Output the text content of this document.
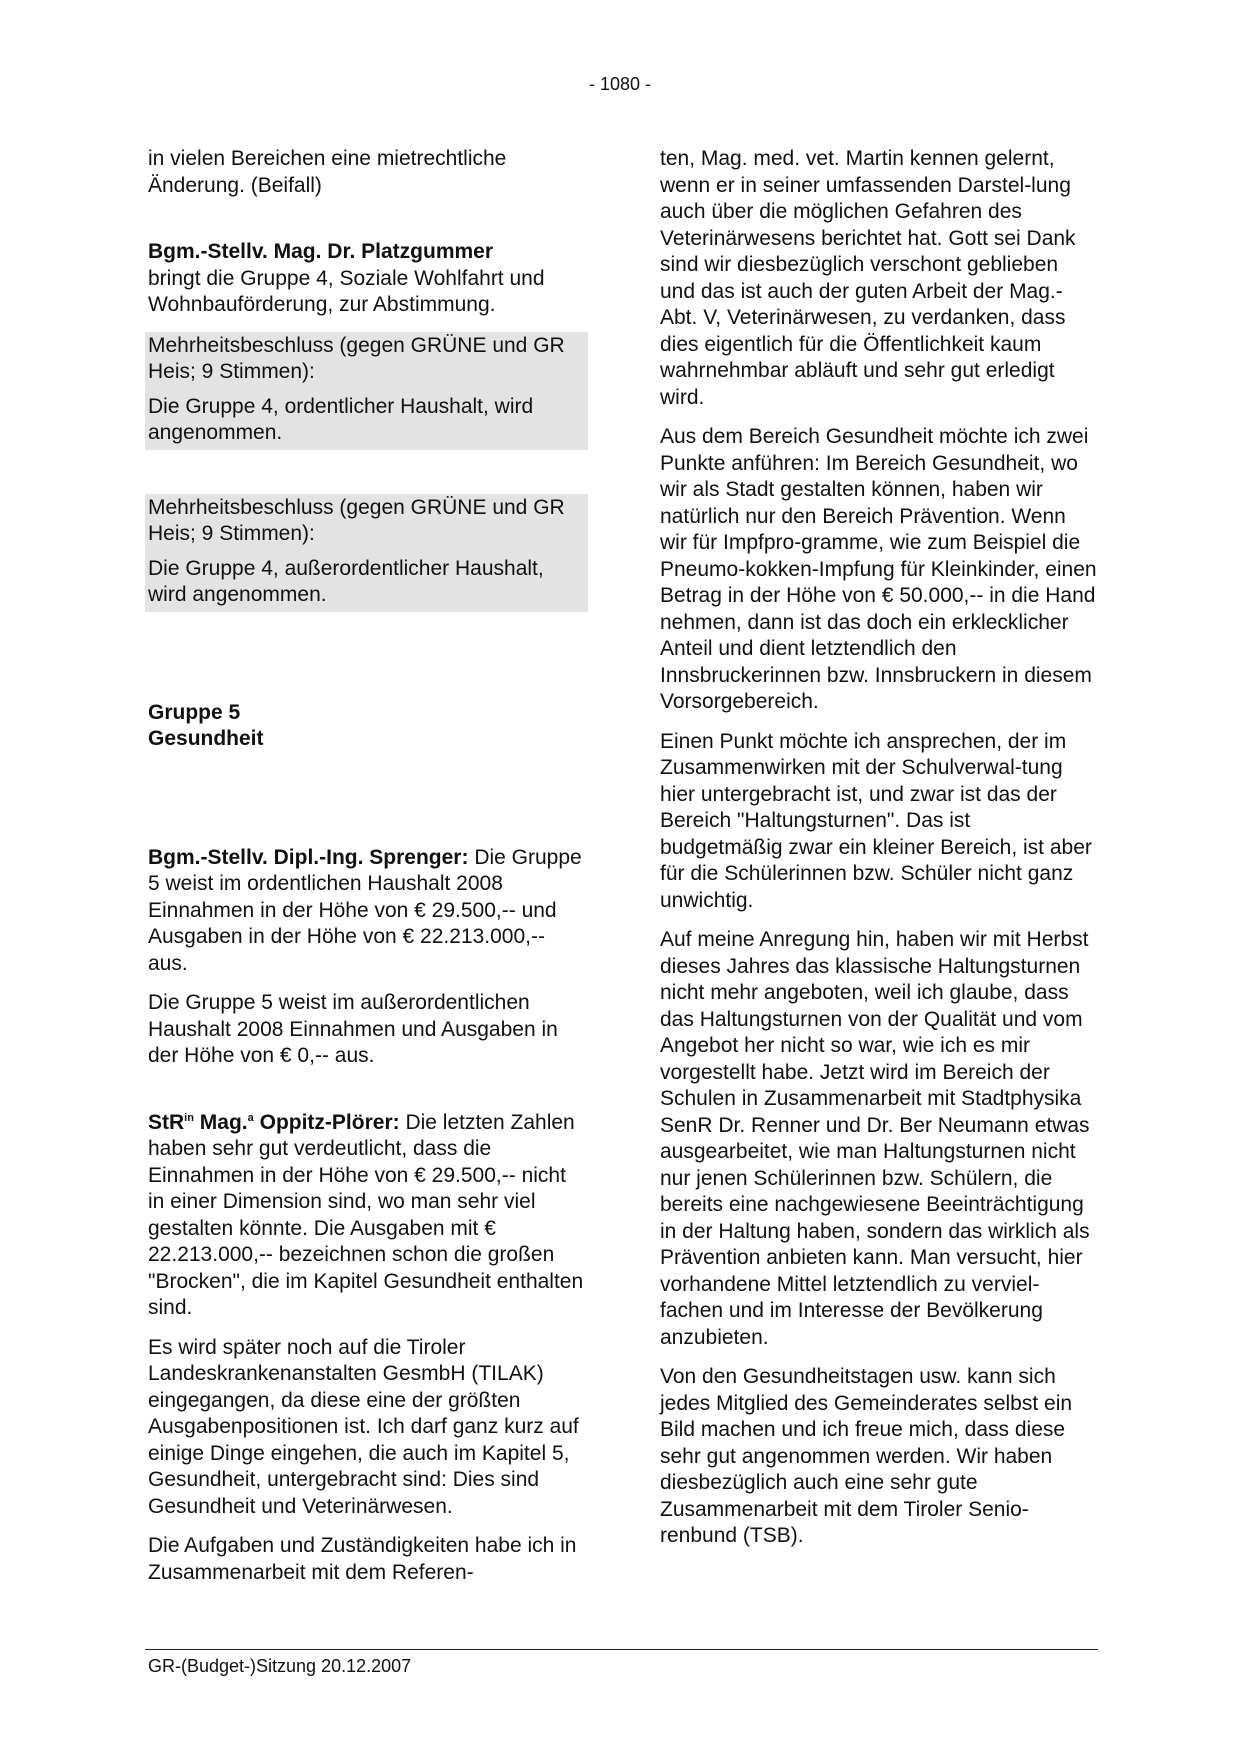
- 1080 -

in vielen Bereichen eine mietrechtliche Änderung. (Beifall)

Bgm.-Stellv. Mag. Dr. Platzgummer
bringt die Gruppe 4, Soziale Wohlfahrt und Wohnbauförderung, zur Abstimmung.

Mehrheitsbeschluss (gegen GRÜNE und GR Heis; 9 Stimmen):

Die Gruppe 4, ordentlicher Haushalt, wird angenommen.

Mehrheitsbeschluss (gegen GRÜNE und GR Heis; 9 Stimmen):

Die Gruppe 4, außerordentlicher Haushalt, wird angenommen.

Gruppe 5
Gesundheit

Bgm.-Stellv. Dipl.-Ing. Sprenger: Die Gruppe 5 weist im ordentlichen Haushalt 2008 Einnahmen in der Höhe von € 29.500,-- und Ausgaben in der Höhe von € 22.213.000,-- aus.

Die Gruppe 5 weist im außerordentlichen Haushalt 2008 Einnahmen und Ausgaben in der Höhe von € 0,-- aus.

StR$^{in}$ Mag.$^a$ Oppitz-Plörer: Die letzten Zahlen haben sehr gut verdeutlicht, dass die Einnahmen in der Höhe von € 29.500,-- nicht in einer Dimension sind, wo man sehr viel gestalten könnte. Die Ausgaben mit € 22.213.000,-- bezeichnen schon die großen "Brocken", die im Kapitel Gesundheit enthalten sind.

Es wird später noch auf die Tiroler Landeskrankenanstalten GesmbH (TILAK) eingegangen, da diese eine der größten Ausgabenpositionen ist. Ich darf ganz kurz auf einige Dinge eingehen, die auch im Kapitel 5, Gesundheit, untergebracht sind: Dies sind Gesundheit und Veterinärwesen.

Die Aufgaben und Zuständigkeiten habe ich in Zusammenarbeit mit dem Referen-

ten, Mag. med. vet. Martin kennen gelernt, wenn er in seiner umfassenden Darstel-lung auch über die möglichen Gefahren des Veterinärwesens berichtet hat. Gott sei Dank sind wir diesbezüglich verschont geblieben und das ist auch der guten Arbeit der Mag.-Abt. V, Veterinärwesen, zu verdanken, dass dies eigentlich für die Öffentlichkeit kaum wahrnehmbar abläuft und sehr gut erledigt wird.

Aus dem Bereich Gesundheit möchte ich zwei Punkte anführen: Im Bereich Gesundheit, wo wir als Stadt gestalten können, haben wir natürlich nur den Bereich Prävention. Wenn wir für Impfpro-gramme, wie zum Beispiel die Pneumo-kokken-Impfung für Kleinkinder, einen Betrag in der Höhe von € 50.000,-- in die Hand nehmen, dann ist das doch ein erklecklicher Anteil und dient letztendlich den Innsbruckerinnen bzw. Innsbruckern in diesem Vorsorgebereich.

Einen Punkt möchte ich ansprechen, der im Zusammenwirken mit der Schulverwal-tung hier untergebracht ist, und zwar ist das der Bereich "Haltungsturnen". Das ist budgetmäßig zwar ein kleiner Bereich, ist aber für die Schülerinnen bzw. Schüler nicht ganz unwichtig.

Auf meine Anregung hin, haben wir mit Herbst dieses Jahres das klassische Haltungsturnen nicht mehr angeboten, weil ich glaube, dass das Haltungsturnen von der Qualität und vom Angebot her nicht so war, wie ich es mir vorgestellt habe. Jetzt wird im Bereich der Schulen in Zusammenarbeit mit Stadtphysika SenR Dr. Renner und Dr. Ber Neumann etwas ausgearbeitet, wie man Haltungsturnen nicht nur jenen Schülerinnen bzw. Schülern, die bereits eine nachgewiesene Beeinträchtigung in der Haltung haben, sondern das wirklich als Prävention anbieten kann. Man versucht, hier vorhandene Mittel letztendlich zu verviel-fachen und im Interesse der Bevölkerung anzubieten.

Von den Gesundheitstagen usw. kann sich jedes Mitglied des Gemeinderates selbst ein Bild machen und ich freue mich, dass diese sehr gut angenommen werden. Wir haben diesbezüglich auch eine sehr gute Zusammenarbeit mit dem Tiroler Senio-renbund (TSB).

GR-(Budget-)Sitzung 20.12.2007
